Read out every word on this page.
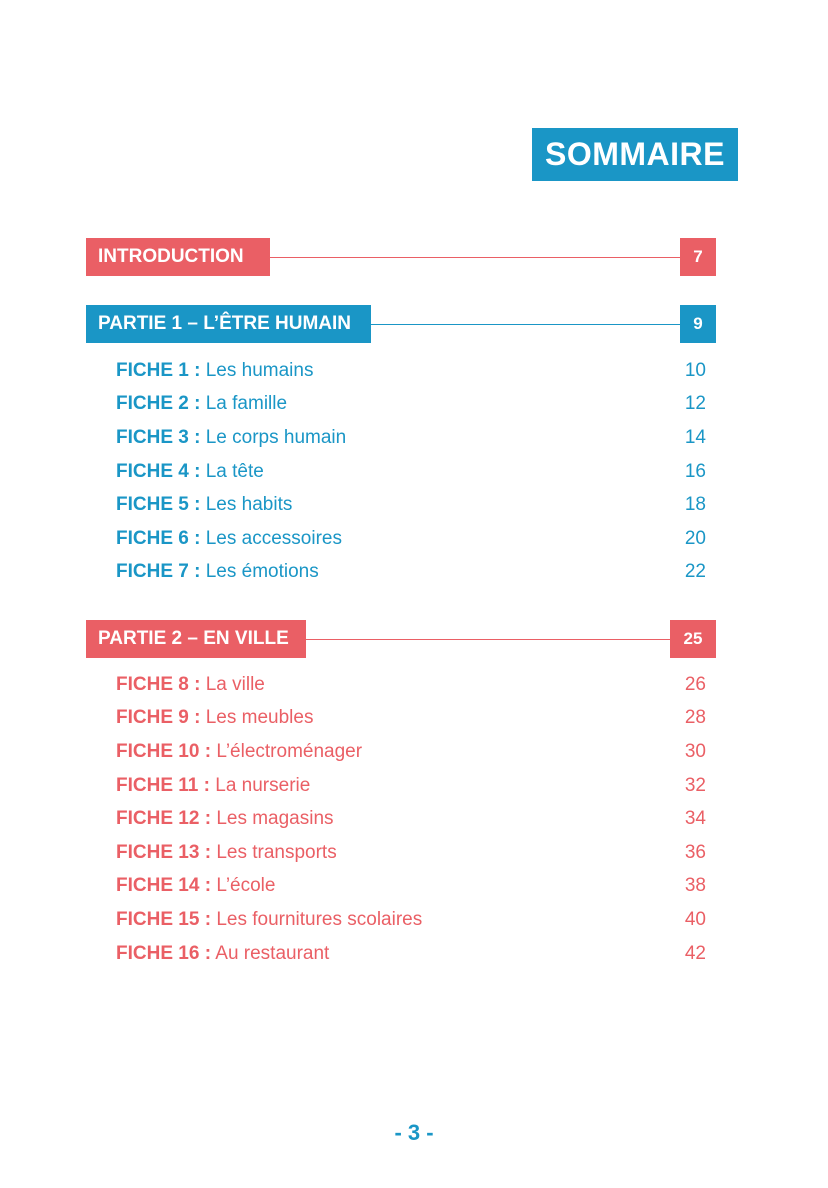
SOMMAIRE
INTRODUCTION	7
PARTIE 1 – L’ÊTRE HUMAIN	9
FICHE 1 : Les humains	10
FICHE 2 : La famille	12
FICHE 3 : Le corps humain	14
FICHE 4 : La tête	16
FICHE 5 : Les habits	18
FICHE 6 : Les accessoires	20
FICHE 7 : Les émotions	22
PARTIE 2 – EN VILLE	25
FICHE 8 : La ville	26
FICHE 9 : Les meubles	28
FICHE 10 : L’électroménager	30
FICHE 11 : La nurserie	32
FICHE 12 : Les magasins	34
FICHE 13 : Les transports	36
FICHE 14 : L’école	38
FICHE 15 : Les fournitures scolaires	40
FICHE 16 : Au restaurant	42
- 3 -
